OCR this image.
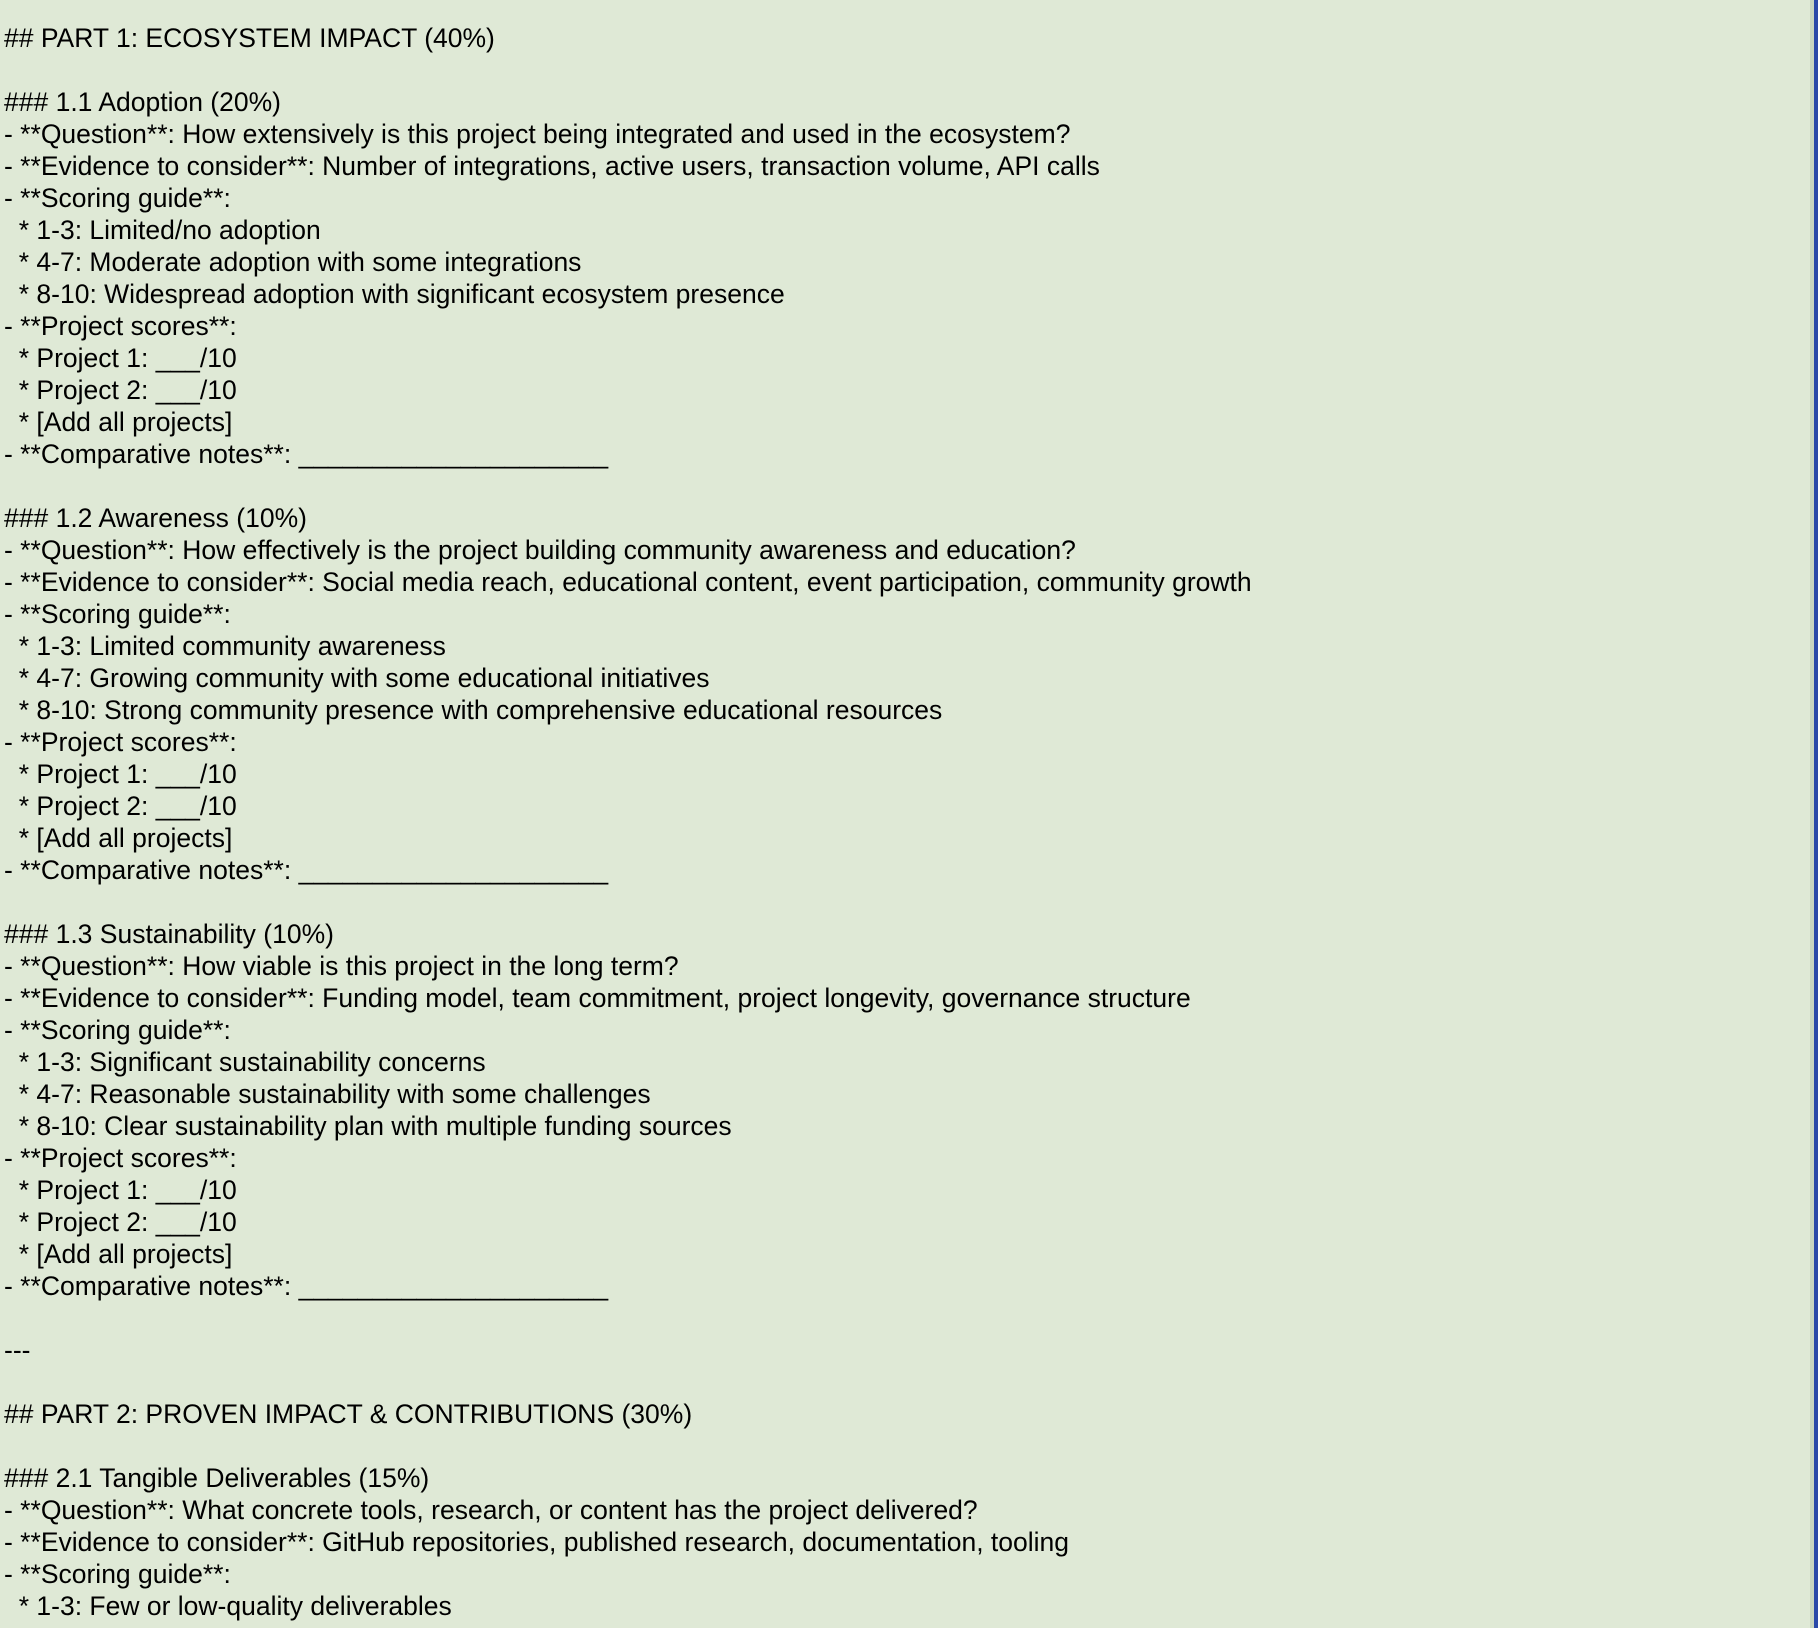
## PART 1: ECOSYSTEM IMPACT (40%)

### 1.1 Adoption (20%)
- **Question**: How extensively is this project being integrated and used in the ecosystem?
- **Evidence to consider**: Number of integrations, active users, transaction volume, API calls
- **Scoring guide**:
* 1-3: Limited/no adoption
* 4-7: Moderate adoption with some integrations
* 8-10: Widespread adoption with significant ecosystem presence
- **Project scores**:
* Project 1: ___/10
* Project 2: ___/10
* [Add all projects]
- **Comparative notes**: _____________________

### 1.2 Awareness (10%)
- **Question**: How effectively is the project building community awareness and education?
- **Evidence to consider**: Social media reach, educational content, event participation, community growth
- **Scoring guide**:
* 1-3: Limited community awareness
* 4-7: Growing community with some educational initiatives
* 8-10: Strong community presence with comprehensive educational resources
- **Project scores**:
* Project 1: ___/10
* Project 2: ___/10
* [Add all projects]
- **Comparative notes**: _____________________

### 1.3 Sustainability (10%)
- **Question**: How viable is this project in the long term?
- **Evidence to consider**: Funding model, team commitment, project longevity, governance structure
- **Scoring guide**:
* 1-3: Significant sustainability concerns
* 4-7: Reasonable sustainability with some challenges
* 8-10: Clear sustainability plan with multiple funding sources
- **Project scores**:
* Project 1: ___/10
* Project 2: ___/10
* [Add all projects]
- **Comparative notes**: _____________________

---

## PART 2: PROVEN IMPACT & CONTRIBUTIONS (30%)

### 2.1 Tangible Deliverables (15%)
- **Question**: What concrete tools, research, or content has the project delivered?
- **Evidence to consider**: GitHub repositories, published research, documentation, tooling
- **Scoring guide**:
* 1-3: Few or low-quality deliverables
